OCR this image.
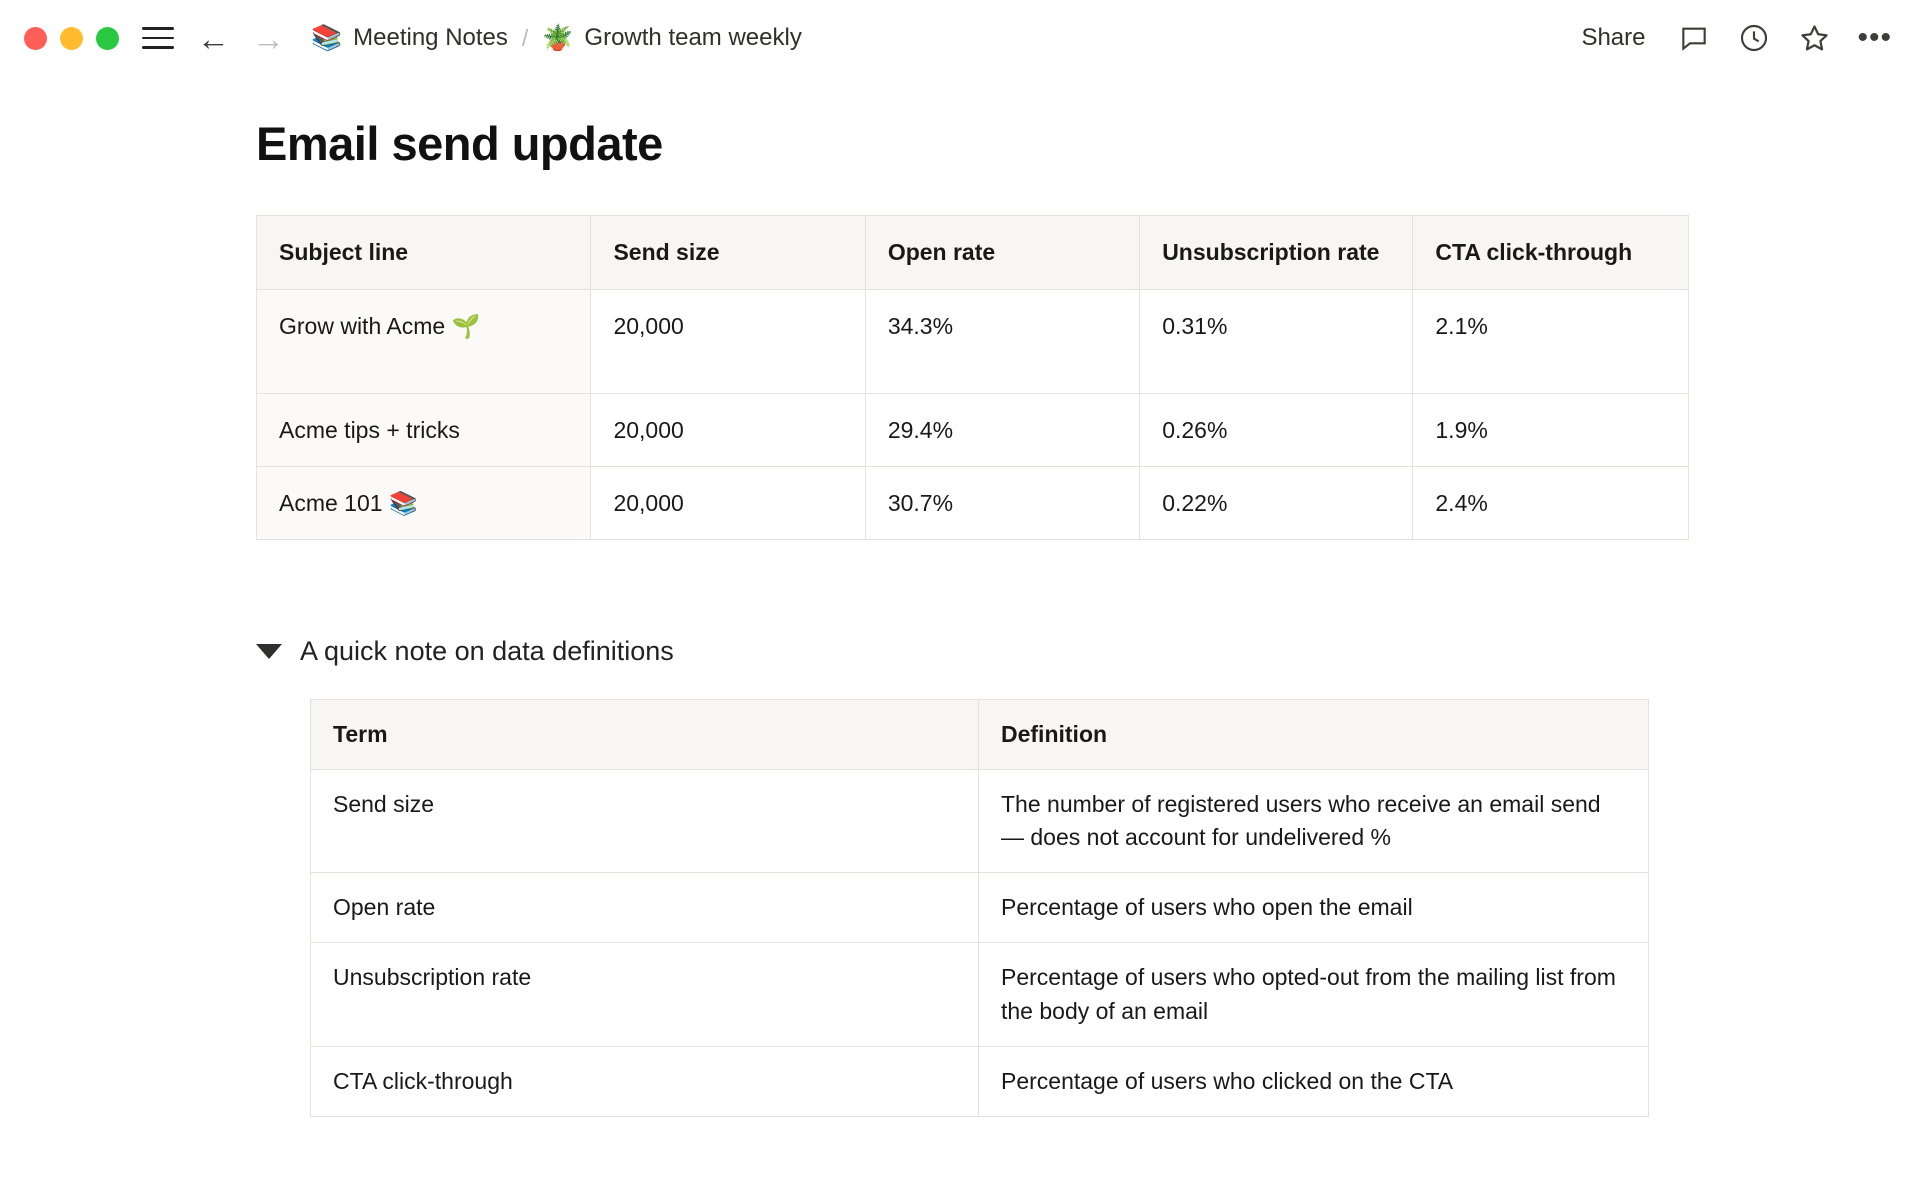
← → 📚 Meeting Notes / 🪴 Growth team weekly	Share	•••
Email send update
Subject line	Send size	Open rate	Unsubscription rate	CTA click-through
Grow with Acme 🌱	20,000	34.3%	0.31%	2.1%
Acme tips + tricks	20,000	29.4%	0.26%	1.9%
Acme 101 📚	20,000	30.7%	0.22%	2.4%
A quick note on data definitions
Term	Definition
Send size	The number of registered users who receive an email send — does not account for undelivered %
Open rate	Percentage of users who open the email
Unsubscription rate	Percentage of users who opted-out from the mailing list from the body of an email
CTA click-through	Percentage of users who clicked on the CTA
